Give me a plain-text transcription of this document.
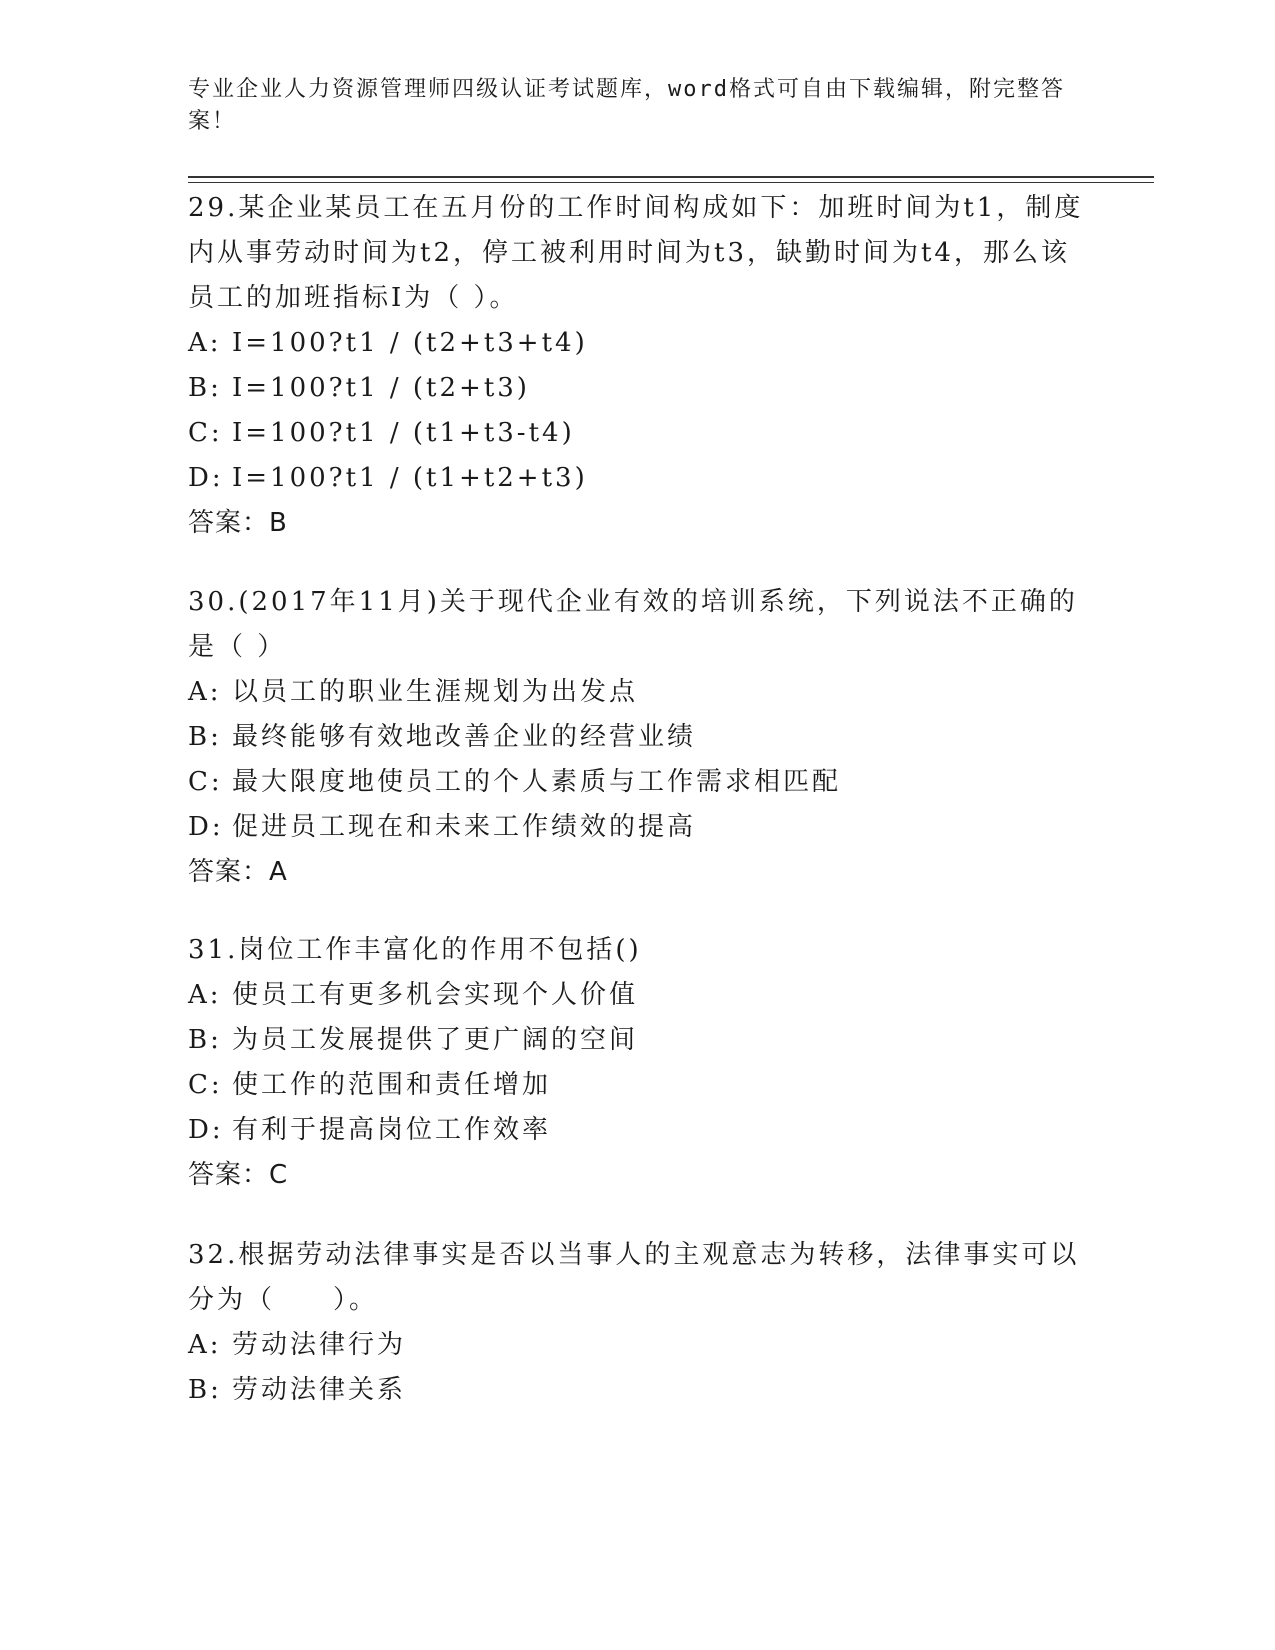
专业企业人力资源管理师四级认证考试题库，word格式可自由下载编辑，附完整答案！

29.某企业某员工在五月份的工作时间构成如下：加班时间为t1，制度内从事劳动时间为t2，停工被利用时间为t3，缺勤时间为t4，那么该员工的加班指标I为（ ）。

A: I=100?t1 / (t2+t3+t4)

B: I=100?t1 / (t2+t3)

C: I=100?t1 / (t1+t3-t4)

D: I=100?t1 / (t1+t2+t3)

答案：B

30.(2017年11月)关于现代企业有效的培训系统，下列说法不正确的是（ ）

A: 以员工的职业生涯规划为出发点

B: 最终能够有效地改善企业的经营业绩

C: 最大限度地使员工的个人素质与工作需求相匹配

D: 促进员工现在和未来工作绩效的提高

答案：A

31.岗位工作丰富化的作用不包括()

A: 使员工有更多机会实现个人价值

B: 为员工发展提供了更广阔的空间

C: 使工作的范围和责任增加

D: 有利于提高岗位工作效率

答案：C

32.根据劳动法律事实是否以当事人的主观意志为转移，法律事实可以分为（　　）。

A: 劳动法律行为

B: 劳动法律关系
